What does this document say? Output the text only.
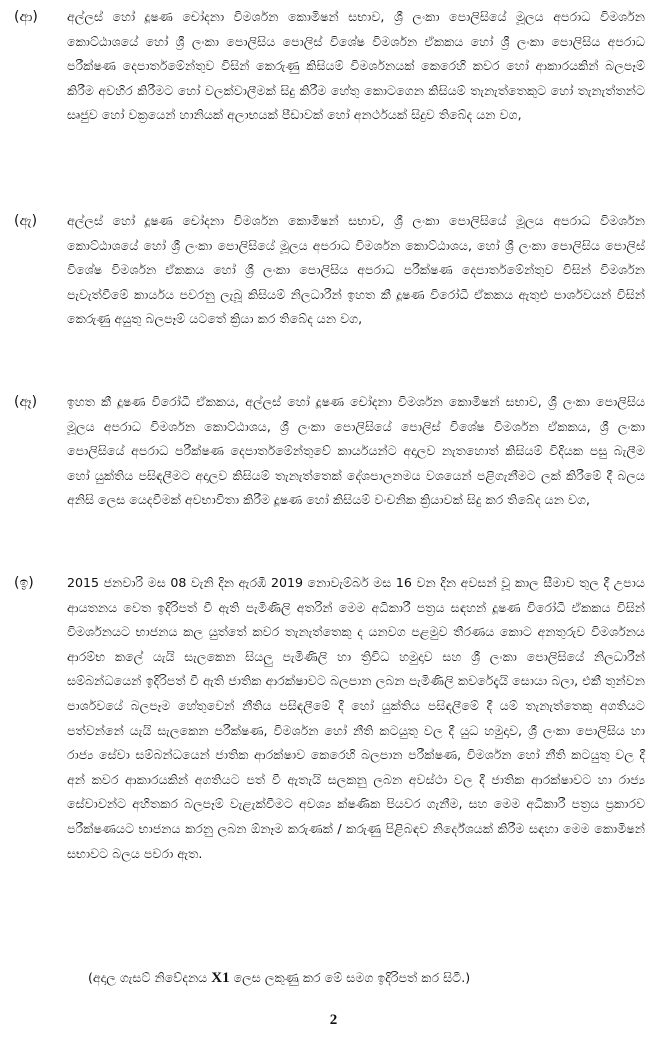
(ආ) අල්ලස් හෝ දූෂණ චෝදනා විමර්ශන කොමිෂන් සභාව, ශ්‍රී ලංකා පොලිසියේ මූලය අපරාධ විමර්ශන කොට්ඨාශයේ හෝ ශ්‍රී ලංකා පොලිසිය පොලිස් විශේෂ විමර්ශන ඒකකය හෝ ශ්‍රී ලංකා පොලිසිය අපරාධ පරීක්ෂණ දෙපාර්තමේන්තුව විසින් කෙරුණු කිසියම් විමර්ශනයක් කෙරෙහි කවර හෝ ආකාරයකින් බලපෑම් කිරීම අවහිර කිරීමට හෝ වලක්වාලීමක් සිදු කිරීම හේතු කොටගෙන කිසියම් තැනැත්තෙකුට හෝ තැනැත්තන්ට සෘජුව හෝ වක්‍රයෙන් හානියක් අලාභයක් පීඩාවක් හෝ අනර්ථයක් සිදුව තිබේද යන වග,

(ඇ) අල්ලස් හෝ දූෂණ චෝදනා විමර්ශන කොමිෂන් සභාව, ශ්‍රී ලංකා පොලිසියේ මූලය අපරාධ විමර්ශන කොට්ඨාශයේ හෝ ශ්‍රී ලංකා පොලිසියේ මූලය අපරාධ විමර්ශන කොට්ඨාශය, හෝ ශ්‍රී ලංකා පොලිසිය පොලිස් විශේෂ විමර්ශන ඒකකය හෝ ශ්‍රී ලංකා පොලිසිය අපරාධ පරීක්ෂණ දෙපාර්තමේන්තුව විසින් විමර්ශන පැවැත්වීමේ කාර්යය පවරනු ලැබූ කිසියම් නිලධාරීන් ඉහත කී දූෂණ විරෝධී ඒකකය ඇතුළු පාර්ශවයන් විසින් කෙරුණු අයුතු බලපෑම් යටතේ ක්‍රියා කර තිබේද යන වග,

(ඈ) ඉහත කී දූෂණ විරෝධී ඒකකය, අල්ලස් හෝ දූෂණ චෝදනා විමර්ශන කොමිෂන් සභාව, ශ්‍රී ලංකා පොලිසිය මූලය අපරාධ විමර්ශන කොට්ඨාශය, ශ්‍රී ලංකා පොලිසියේ පොලිස් විශේෂ විමර්ශන ඒකකය, ශ්‍රී ලංකා පොලිසියේ අපරාධ පරීක්ෂණ දෙපාර්තමේන්තුවේ කාර්යයන්ට අදාලව නැතහොත් කිසියම් විදියක පසු බැලීම හෝ යුක්තිය පසිඳලීමට අදාලව කිසියම් තැනැත්තෙක් දේශපාලනමය වශයෙන් පළිගැනීමට ලක් කිරීමේ දී බලය අනිසි ලෙස යෙදවීමක් අවභාවිතා කිරීම දූෂණ හෝ කිසියම් වංචනික ක්‍රියාවක් සිදු කර තිබේද යන වග,

(ඉ)	2015 ජනවාරි මස 08 වැනි දින ඇරඹී 2019 නොවැම්බර් මස 16 වන දින අවසන් වූ කාල සීමාව තුල දී උපාය ආයතනය වෙත ඉදිරිපත් වී ඇති පැමිණිලි අතරින් මෙම අධිකාරී පත්‍රය සඳහන් දූෂණ විරෝධී ඒකකය විසින් විමර්ශනයට භාජනය කල යුත්තේ කවර තැනැත්තෙකු ද යනවග පළමුව තීරණය කොට අනතුරුව විමර්ශනය ආරම්භ කලේ යැයි සැලකෙන සියලු පැමිණිලි හා ත්‍රිවිධ හමුදාව සහ ශ්‍රී ලංකා පොලිසියේ නිලධාරීන් සම්බන්ධයෙන් ඉදිරිපත් වී ඇති ජාතික ආරක්ෂාවට බලපාන ලබන පැමිණිලි කවරේදැයි සොයා බලා, එකී තුන්වන පාර්ශවයේ බලපෑම හේතුවෙන් නීතිය පසිඳලීමේ දී හෝ යුක්තිය පසිඳලීමේ දී යම් තැනැත්තෙකු අගතියට පත්වන්නේ යැයි සැලකෙන පරීක්ෂණ, විමර්ශන හෝ නීති කටයුතු වල දී යුධ හමුදාව, ශ්‍රී ලංකා පොලිසිය හා රාජ්‍ය සේවා සම්බන්ධයෙන් ජාතික ආරක්ෂාව කෙරෙහි බලපාන පරීක්ෂණ, විමර්ශන හෝ නීති කටයුතු වල දී අන් කවර ආකාරයකින් අගතියට පත් වී ඇතැයි සලකනු ලබන අවස්ථා වල දී ජාතික ආරක්ෂාවට හා රාජ්‍ය සේවාවන්ට අහිතකර බලපෑම් වැළැක්වීමට අවශ්‍ය ක්ෂණික පියවර ගැනීම, සහ මෙම අධිකාරී පත්‍රය ප්‍රකාරව පරීක්ෂණයට භාජනය කරනු ලබන ඕනෑම කරුණක් / කරුණු පිළිබඳව නිර්දේශයක් කිරීම සඳහා මෙම කොමිෂන් සභාවට බලය පවරා ඇත.

(අදාල ගැසට් නිවේදනය X1 ලෙස ලකුණු කර මේ සමග ඉදිරිපත් කර සිටී.)
2
